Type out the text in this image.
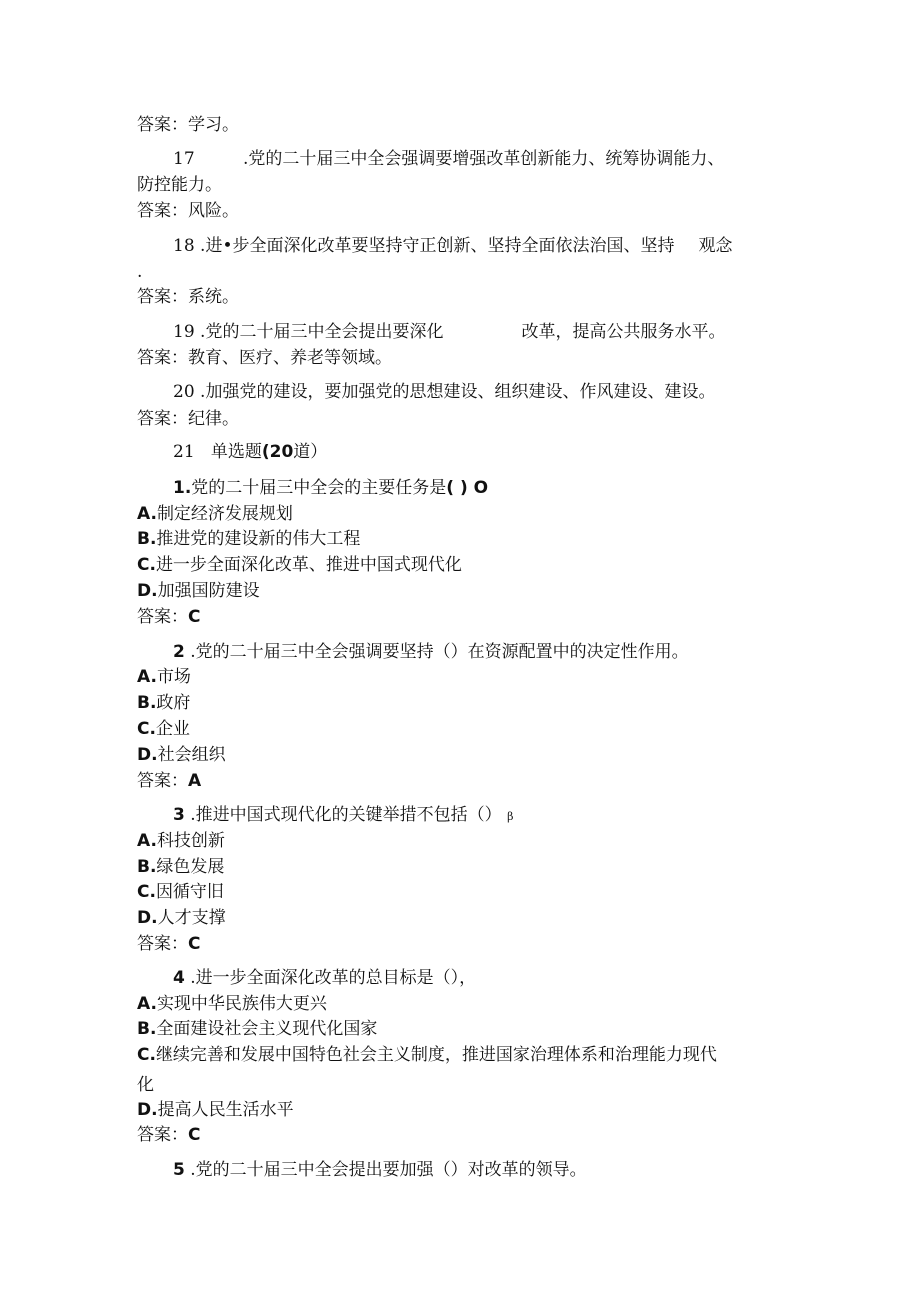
答案：学习。
17	.党的二十届三中全会强调要增强改革创新能力、统筹协调能力、
防控能力。
答案：风险。
18 .进•步全面深化改革要坚持守正创新、坚持全面依法治国、坚持 观念
.
答案：系统。
19 .党的二十届三中全会提出要深化	改革，提高公共服务水平。
答案：教育、医疗、养老等领域。
20 .加强党的建设，要加强党的思想建设、组织建设、作风建设、建设。
答案：纪律。
21 单选题(20道）
1.党的二十届三中全会的主要任务是( ) O
A.制定经济发展规划
B.推进党的建设新的伟大工程
C.进一步全面深化改革、推进中国式现代化
D.加强国防建设
答案：C
2 .党的二十届三中全会强调要坚持（）在资源配置中的决定性作用。
A.市场
B.政府
C.企业
D.社会组织
答案：A
3 .推进中国式现代化的关键举措不包括（） β
A.科技创新
B.绿色发展
C.因循守旧
D.人才支撑
答案：C
4 .进一步全面深化改革的总目标是（），
A.实现中华民族伟大更兴
B.全面建设社会主义现代化国家
C.继续完善和发展中国特色社会主义制度，推进国家治理体系和治理能力现代
化
D.提高人民生活水平
答案：C
5 .党的二十届三中全会提出要加强（）对改革的领导。
